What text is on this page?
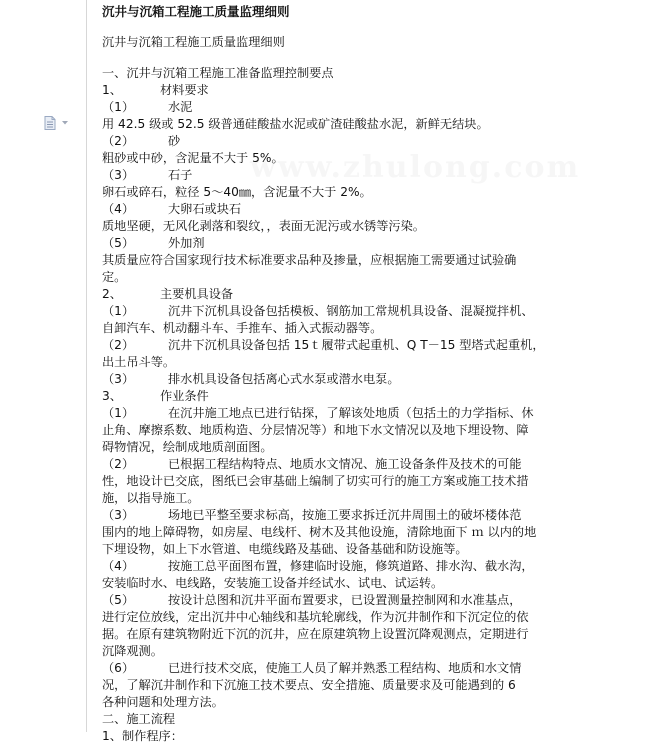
www.zhulong.com
沉井与沉箱工程施工质量监理细则
沉井与沉箱工程施工质量监理细则
一、沉井与沉箱工程施工准备监理控制要点
1、	材料要求
（1）	水泥
用 42.5 级或 52.5 级普通硅酸盐水泥或矿渣硅酸盐水泥，新鲜无结块。
（2）	砂
粗砂或中砂，含泥量不大于 5%。
（3）	石子
卵石或碎石，粒径 5～40㎜，含泥量不大于 2%。
（4）	大卵石或块石
质地坚硬，无风化剥落和裂纹，，表面无泥污或水锈等污染。
（5）	外加剂
其质量应符合国家现行技术标准要求品种及掺量，应根据施工需要通过试验确
定。
2、	主要机具设备
（1）	沉井下沉机具设备包括模板、钢筋加工常规机具设备、混凝搅拌机、
自卸汽车、机动翻斗车、手推车、插入式振动器等。
（2）	沉井下沉机具设备包括 15ｔ履带式起重机、Q T－15 型塔式起重机，
出土吊斗等。
（3）	排水机具设备包括离心式水泵或潜水电泵。
3、	作业条件
（1）	在沉井施工地点已进行钻探，了解该处地质（包括土的力学指标、休
止角、摩擦系数、地质构造、分层情况等）和地下水文情况以及地下埋设物、障
碍物情况，绘制成地质剖面图。
（2）	已根据工程结构特点、地质水文情况、施工设备条件及技术的可能
性，地设计已交底，图纸已会审基础上编制了切实可行的施工方案或施工技术措
施，以指导施工。
（3）	场地已平整至要求标高，按施工要求拆迁沉井周围土的破坏楼体范
围内的地上障碍物，如房屋、电线杆、树木及其他设施，清除地面下 ｍ 以内的地
下埋设物，如上下水管道、电缆线路及基础、设备基础和防设施等。
（4）	按施工总平面图布置，修建临时设施，修筑道路、排水沟、截水沟，
安装临时水、电线路，安装施工设备并经试水、试电、试运转。
（5）	按设计总图和沉井平面布置要求，已设置测量控制网和水准基点，
进行定位放线，定出沉井中心轴线和基坑轮廓线，作为沉井制作和下沉定位的依
据。在原有建筑物附近下沉的沉井，应在原建筑物上设置沉降观测点，定期进行
沉降观测。
（6）	已进行技术交底，使施工人员了解并熟悉工程结构、地质和水文情
况，了解沉井制作和下沉施工技术要点、安全措施、质量要求及可能遇到的 6
各种问题和处理方法。
二、施工流程
1、制作程序：
